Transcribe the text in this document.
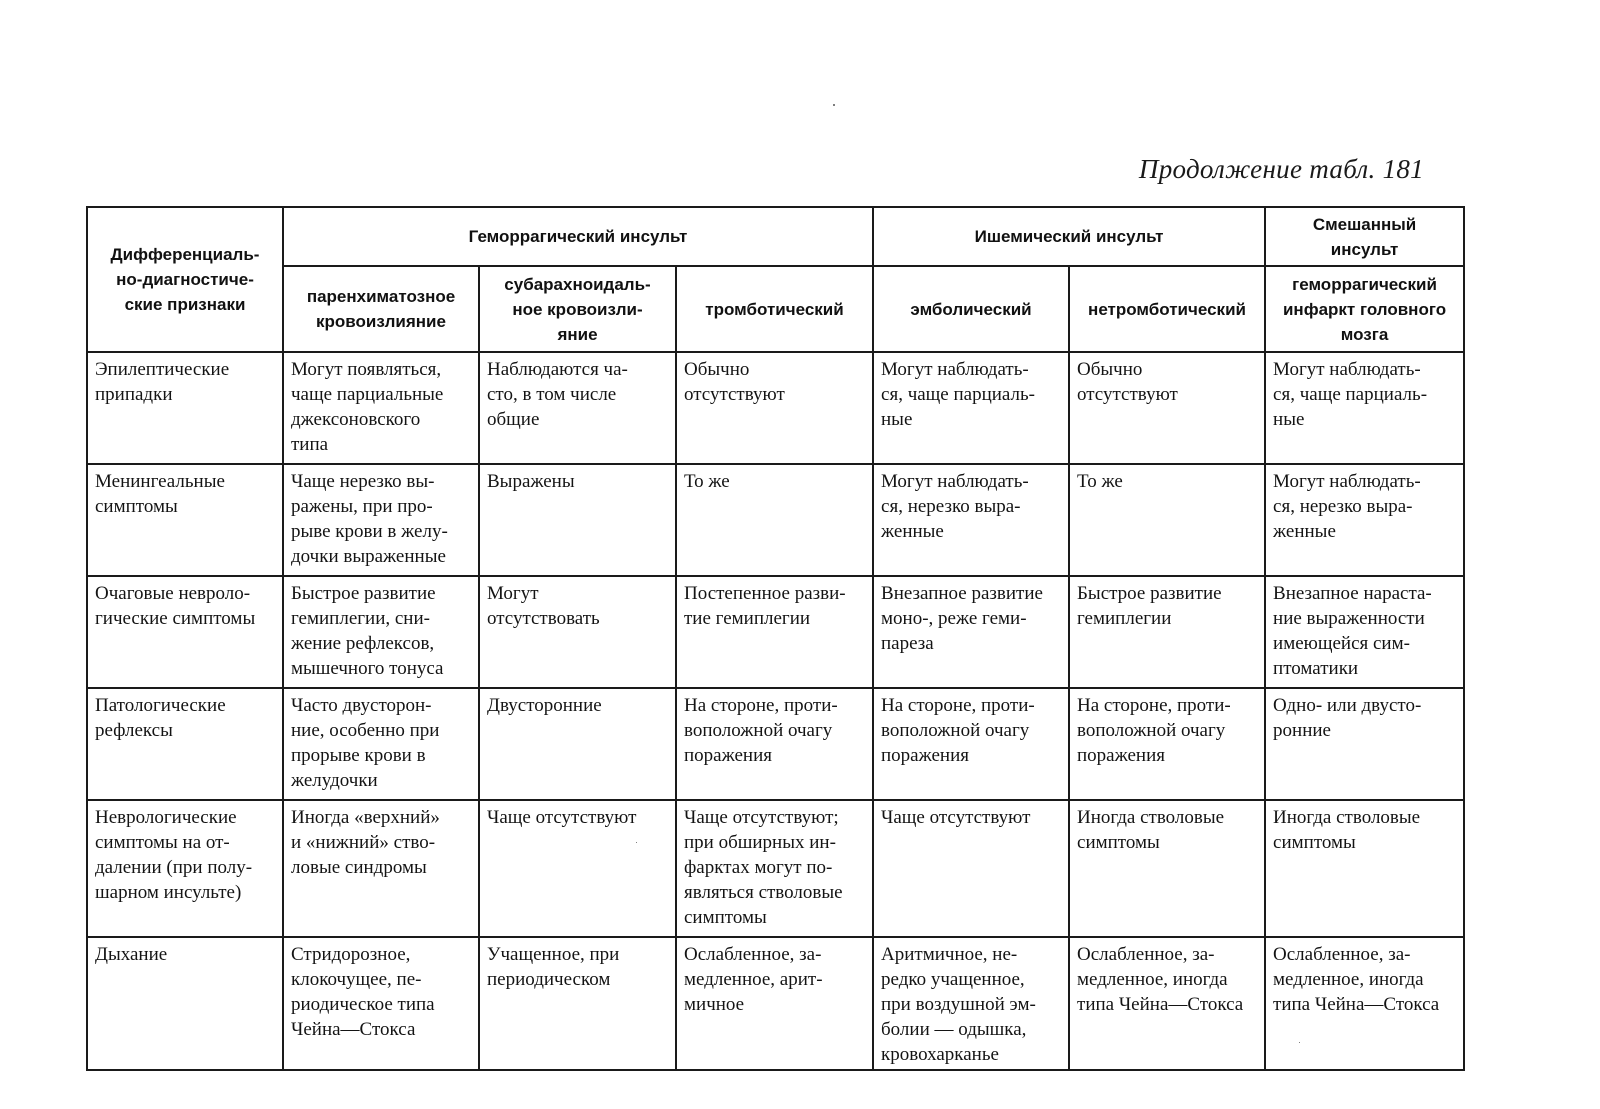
Продолжение табл. 181
Дифференциаль-
но-диагностиче-
ские признаки	Геморрагический инсульт			Ишемический инсульт		Смешанный
инсульт

	паренхиматозное
кровоизлияние	субарахноидаль-
ное кровоизли-
яние	тромботический	эмболический	нетромботический	геморрагический
инфаркт головного
мозга

Эпилептические
припадки	Могут появляться,
чаще парциальные
джексоновского
типа	Наблюдаются ча-
сто, в том числе
общие	Обычно
отсутствуют	Могут наблюдать-
ся, чаще парциаль-
ные	Обычно
отсутствуют	Могут наблюдать-
ся, чаще парциаль-
ные

Менингеальные
симптомы	Чаще нерезко вы-
ражены, при про-
рыве крови в желу-
дочки выраженные	Выражены	То же	Могут наблюдать-
ся, нерезко выра-
женные	То же	Могут наблюдать-
ся, нерезко выра-
женные

Очаговые невроло-
гические симптомы	Быстрое развитие
гемиплегии, сни-
жение рефлексов,
мышечного тонуса	Могут
отсутствовать	Постепенное разви-
тие гемиплегии	Внезапное развитие
моно-, реже геми-
пареза	Быстрое развитие
гемиплегии	Внезапное нараста-
ние выраженности
имеющейся сим-
птоматики

Патологические
рефлексы	Часто двусторон-
ние, особенно при
прорыве крови в
желудочки	Двусторонние	На стороне, проти-
воположной очагу
поражения	На стороне, проти-
воположной очагу
поражения	На стороне, проти-
воположной очагу
поражения	Одно- или двусто-
ронние

Неврологические
симптомы на от-
далении (при полу-
шарном инсульте)	Иногда «верхний»
и «нижний» ство-
ловые синдромы	Чаще отсутствуют	Чаще отсутствуют;
при обширных ин-
фарктах могут по-
являться стволовые
симптомы	Чаще отсутствуют	Иногда стволовые
симптомы	Иногда стволовые
симптомы

Дыхание	Стридорозное,
клокочущее, пе-
риодическое типа
Чейна—Стокса	Учащенное, при
периодическом	Ослабленное, за-
медленное, арит-
мичное	Аритмичное, не-
редко учащенное,
при воздушной эм-
болии — одышка,
кровохарканье	Ослабленное, за-
медленное, иногда
типа Чейна—Стокса	Ослабленное, за-
медленное, иногда
типа Чейна—Стокса
